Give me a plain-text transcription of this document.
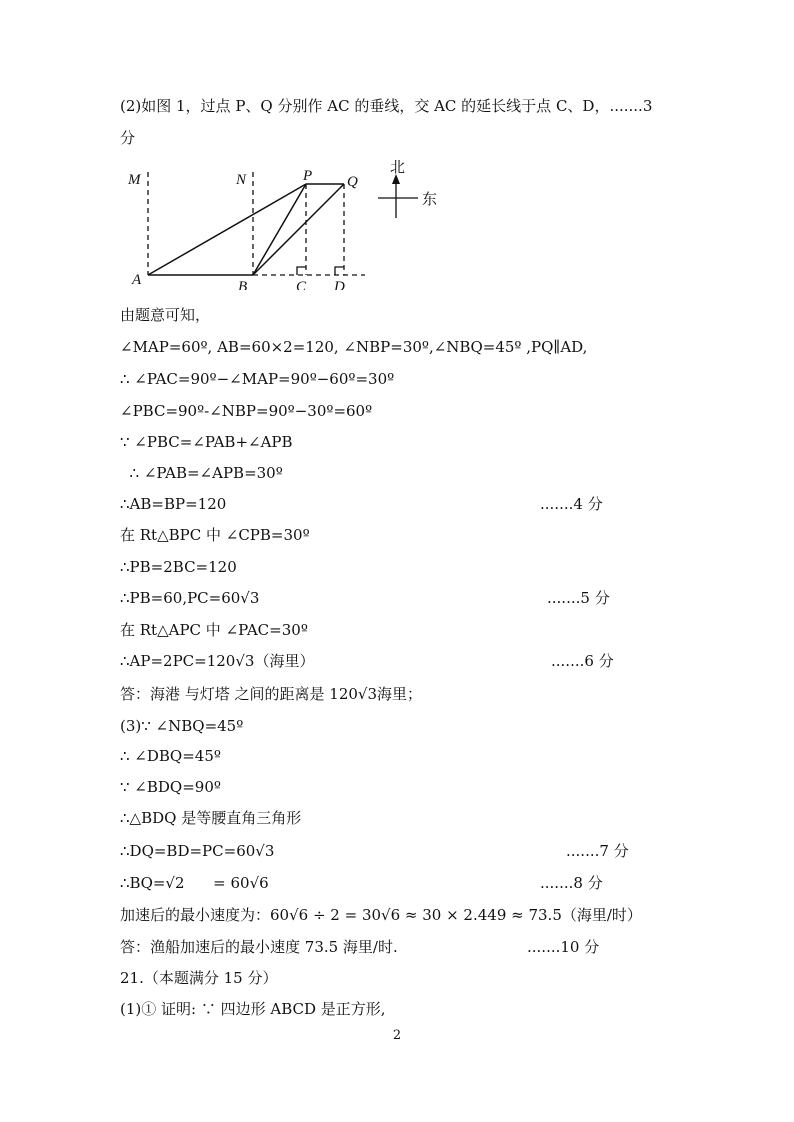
(2)如图 1，过点 P、Q 分别作 AC 的垂线，交 AC 的延长线于点 C、D，.......3
分
M	N	P Q
A	B	C D
北
东
由题意可知，
∠MAP=60º, AB=60×2=120, ∠NBP=30º,∠NBQ=45º ,PQ∥AD,
∴ ∠PAC=90º−∠MAP=90º−60º=30º
∠PBC=90º-∠NBP=90º−30º=60º
∵ ∠PBC=∠PAB+∠APB
∴ ∠PAB=∠APB=30º
∴AB=BP=120	.......4 分
在 Rt△BPC 中 ∠CPB=30º
∴PB=2BC=120
∴PB=60,PC=60√3	.......5 分
在 Rt△APC 中 ∠PAC=30º
∴AP=2PC=120√3（海里）	.......6 分
答：海港 与灯塔 之间的距离是 120√3海里；
(3)∵ ∠NBQ=45º
∴ ∠DBQ=45º
∵ ∠BDQ=90º
∴△BDQ 是等腰直角三角形
∴DQ=BD=PC=60√3	.......7 分
∴BQ=√2      = 60√6	.......8 分
加速后的最小速度为：60√6 ÷ 2 = 30√6 ≈ 30 × 2.449 ≈ 73.5（海里/时）
答：渔船加速后的最小速度 73.5 海里/时.	.......10 分
21.（本题满分 15 分）
(1)① 证明: ∵ 四边形 ABCD 是正方形,
2
